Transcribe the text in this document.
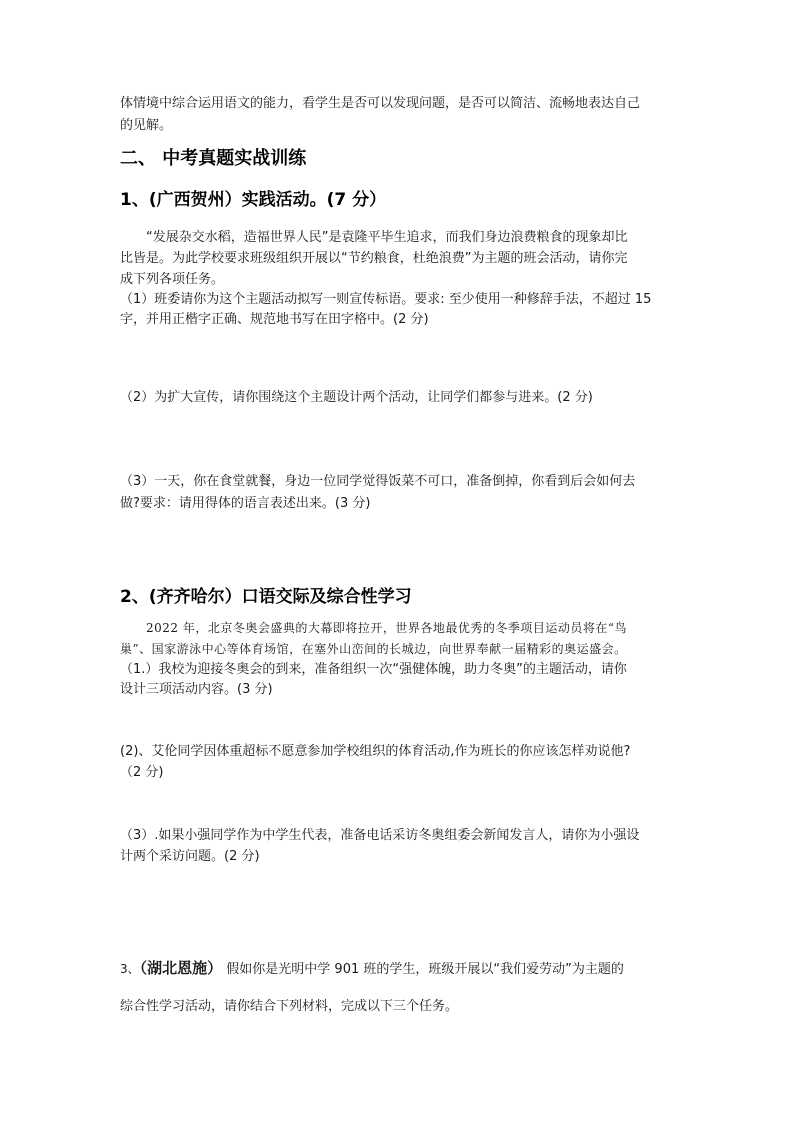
体情境中综合运用语文的能力，看学生是否可以发现问题，是否可以简洁、流畅地表达自己
的见解。
二、 中考真题实战训练
1、(广西贺州）实践活动。(7 分）
“发展杂交水稻，造福世界人民”是袁隆平毕生追求，而我们身边浪费粮食的现象却比
比皆是。为此学校要求班级组织开展以“节约粮食，杜绝浪费”为主题的班会活动，请你完
成下列各项任务。
（1）班委请你为这个主题活动拟写一则宣传标语。要求: 至少使用一种修辞手法，不超过 15
字，并用正楷字正确、规范地书写在田字格中。(2 分)
（2）为扩大宣传，请你围绕这个主题设计两个活动，让同学们都参与进来。(2 分)
（3）一天，你在食堂就餐，身边一位同学觉得饭菜不可口，准备倒掉，你看到后会如何去
做?要求：请用得体的语言表述出来。(3 分)
2、(齐齐哈尔）口语交际及综合性学习
2022 年，北京冬奥会盛典的大幕即将拉开，世界各地最优秀的冬季项目运动员将在“鸟
巢”、国家游泳中心等体育场馆，在塞外山峦间的长城边，向世界奉献一届精彩的奥运盛会。
（1.）我校为迎接冬奥会的到来，准备组织一次“强健体魄，助力冬奥”的主题活动，请你
设计三项活动内容。(3 分)
(2)、艾伦同学因体重超标不愿意参加学校组织的体育活动,作为班长的你应该怎样劝说他?
（2 分)
（3）.如果小强同学作为中学生代表，准备电话采访冬奥组委会新闻发言人，请你为小强设
计两个采访问题。(2 分)
3、（湖北恩施） 假如你是光明中学 901 班的学生，班级开展以“我们爱劳动”为主题的
综合性学习活动，请你结合下列材料，完成以下三个任务。
